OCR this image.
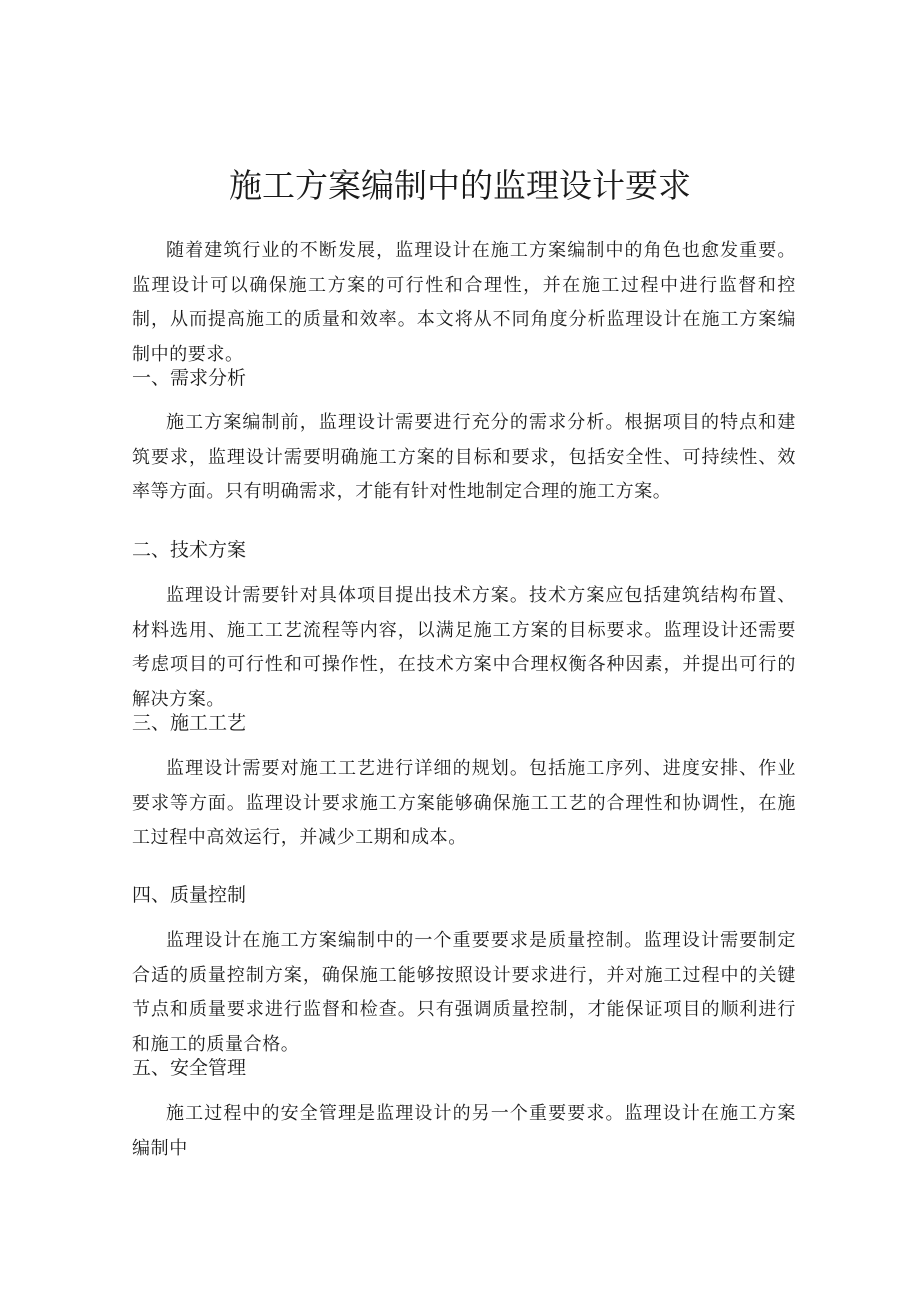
施工方案编制中的监理设计要求

随着建筑行业的不断发展，监理设计在施工方案编制中的角色也愈发重要。监理设计可以确保施工方案的可行性和合理性，并在施工过程中进行监督和控制，从而提高施工的质量和效率。本文将从不同角度分析监理设计在施工方案编制中的要求。

一、需求分析

施工方案编制前，监理设计需要进行充分的需求分析。根据项目的特点和建筑要求，监理设计需要明确施工方案的目标和要求，包括安全性、可持续性、效率等方面。只有明确需求，才能有针对性地制定合理的施工方案。

二、技术方案

监理设计需要针对具体项目提出技术方案。技术方案应包括建筑结构布置、材料选用、施工工艺流程等内容，以满足施工方案的目标要求。监理设计还需要考虑项目的可行性和可操作性，在技术方案中合理权衡各种因素，并提出可行的解决方案。

三、施工工艺

监理设计需要对施工工艺进行详细的规划。包括施工序列、进度安排、作业要求等方面。监理设计要求施工方案能够确保施工工艺的合理性和协调性，在施工过程中高效运行，并减少工期和成本。

四、质量控制

监理设计在施工方案编制中的一个重要要求是质量控制。监理设计需要制定合适的质量控制方案，确保施工能够按照设计要求进行，并对施工过程中的关键节点和质量要求进行监督和检查。只有强调质量控制，才能保证项目的顺利进行和施工的质量合格。

五、安全管理

施工过程中的安全管理是监理设计的另一个重要要求。监理设计在施工方案编制中
